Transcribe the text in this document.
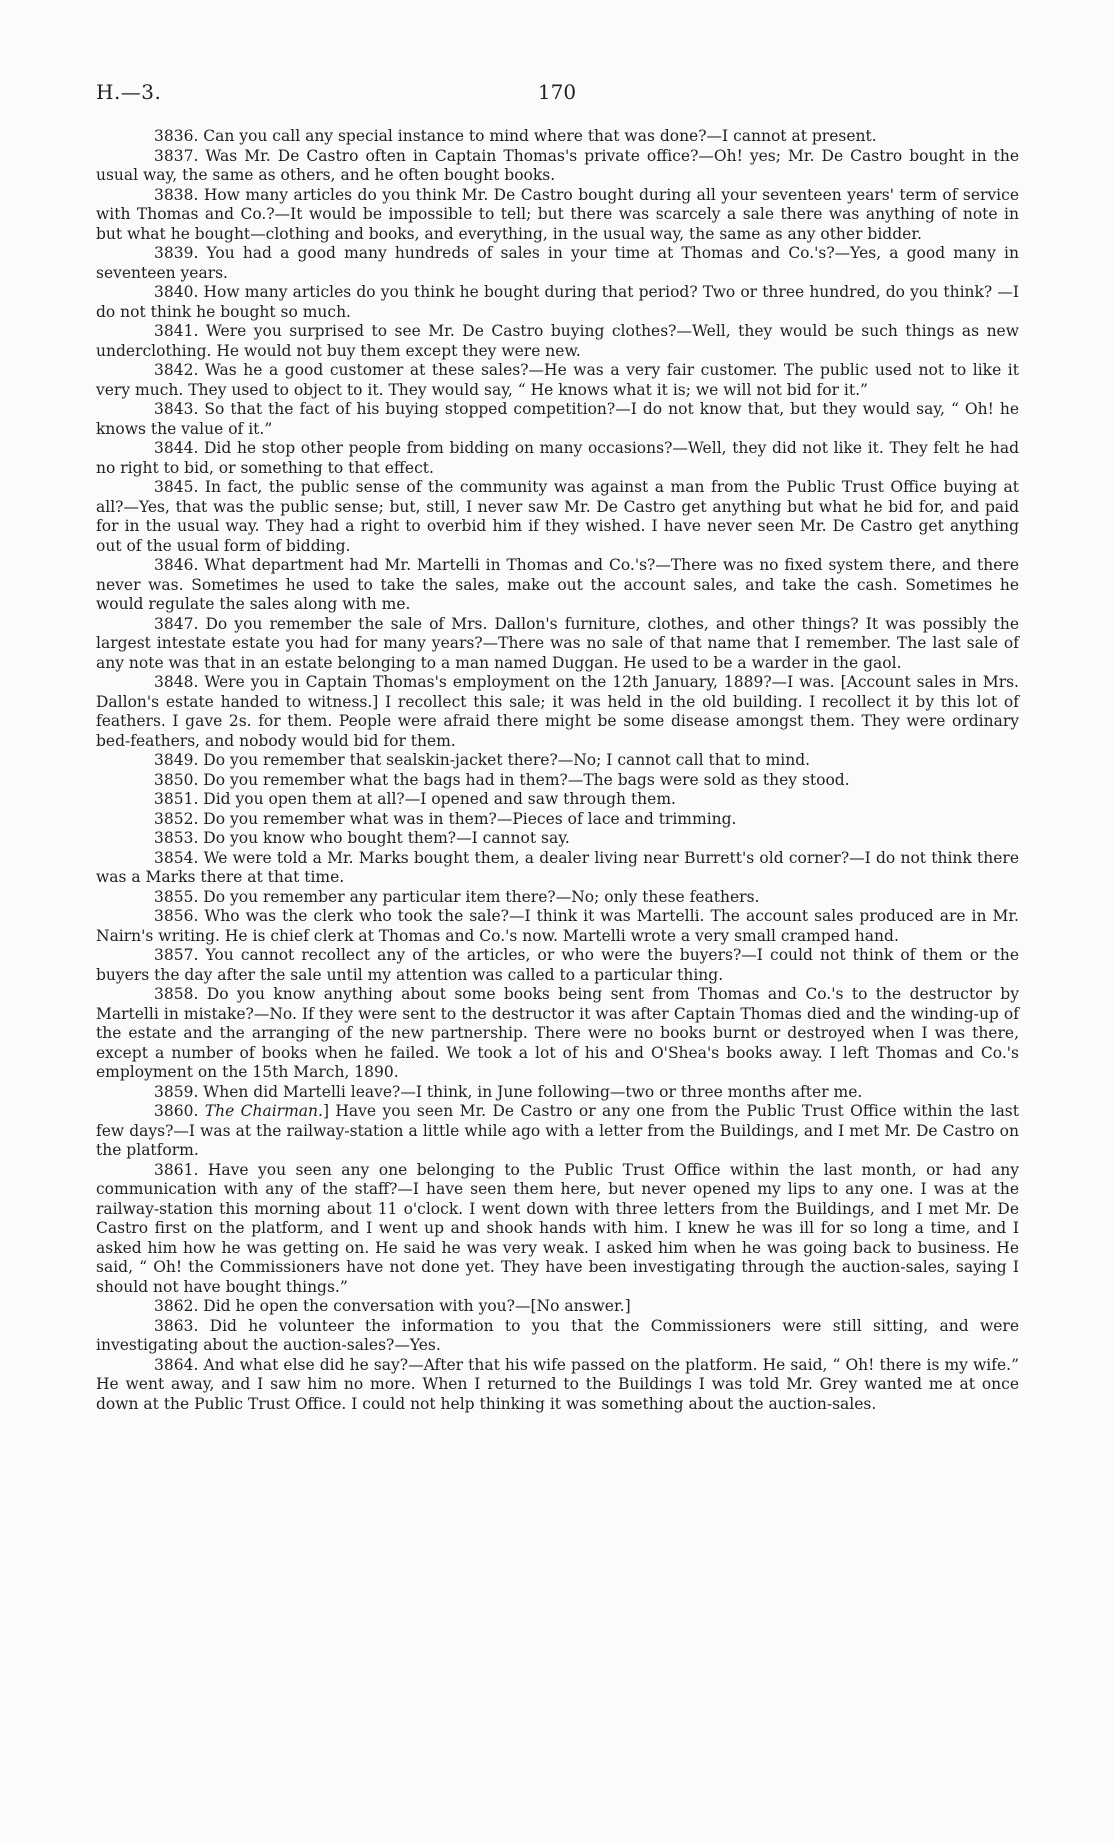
H.—3.	170

3836. Can you call any special instance to mind where that was done?—I cannot at present.

3837. Was Mr. De Castro often in Captain Thomas's private office?—Oh! yes; Mr. De Castro bought in the usual way, the same as others, and he often bought books.

3838. How many articles do you think Mr. De Castro bought during all your seventeen years' term of service with Thomas and Co.?—It would be impossible to tell; but there was scarcely a sale there was anything of note in but what he bought—clothing and books, and everything, in the usual way, the same as any other bidder.

3839. You had a good many hundreds of sales in your time at Thomas and Co.'s?—Yes, a good many in seventeen years.

3840. How many articles do you think he bought during that period? Two or three hundred, do you think? —I do not think he bought so much.

3841. Were you surprised to see Mr. De Castro buying clothes?—Well, they would be such things as new underclothing. He would not buy them except they were new.

3842. Was he a good customer at these sales?—He was a very fair customer. The public used not to like it very much. They used to object to it. They would say, “ He knows what it is; we will not bid for it.”

3843. So that the fact of his buying stopped competition?—I do not know that, but they would say, “ Oh! he knows the value of it.”

3844. Did he stop other people from bidding on many occasions?—Well, they did not like it. They felt he had no right to bid, or something to that effect.

3845. In fact, the public sense of the community was against a man from the Public Trust Office buying at all?—Yes, that was the public sense; but, still, I never saw Mr. De Castro get anything but what he bid for, and paid for in the usual way. They had a right to overbid him if they wished. I have never seen Mr. De Castro get anything out of the usual form of bidding.

3846. What department had Mr. Martelli in Thomas and Co.'s?—There was no fixed system there, and there never was. Sometimes he used to take the sales, make out the account sales, and take the cash. Sometimes he would regulate the sales along with me.

3847. Do you remember the sale of Mrs. Dallon's furniture, clothes, and other things? It was possibly the largest intestate estate you had for many years?—There was no sale of that name that I remember. The last sale of any note was that in an estate belonging to a man named Duggan. He used to be a warder in the gaol.

3848. Were you in Captain Thomas's employment on the 12th January, 1889?—I was. [Account sales in Mrs. Dallon's estate handed to witness.] I recollect this sale; it was held in the old building. I recollect it by this lot of feathers. I gave 2s. for them. People were afraid there might be some disease amongst them. They were ordinary bed-feathers, and nobody would bid for them.

3849. Do you remember that sealskin-jacket there?—No; I cannot call that to mind.

3850. Do you remember what the bags had in them?—The bags were sold as they stood.

3851. Did you open them at all?—I opened and saw through them.

3852. Do you remember what was in them?—Pieces of lace and trimming.

3853. Do you know who bought them?—I cannot say.

3854. We were told a Mr. Marks bought them, a dealer living near Burrett's old corner?—I do not think there was a Marks there at that time.

3855. Do you remember any particular item there?—No; only these feathers.

3856. Who was the clerk who took the sale?—I think it was Martelli. The account sales produced are in Mr. Nairn's writing. He is chief clerk at Thomas and Co.'s now. Martelli wrote a very small cramped hand.

3857. You cannot recollect any of the articles, or who were the buyers?—I could not think of them or the buyers the day after the sale until my attention was called to a particular thing.

3858. Do you know anything about some books being sent from Thomas and Co.'s to the destructor by Martelli in mistake?—No. If they were sent to the destructor it was after Captain Thomas died and the winding-up of the estate and the arranging of the new partnership. There were no books burnt or destroyed when I was there, except a number of books when he failed. We took a lot of his and O'Shea's books away. I left Thomas and Co.'s employment on the 15th March, 1890.

3859. When did Martelli leave?—I think, in June following—two or three months after me.

3860. The Chairman.] Have you seen Mr. De Castro or any one from the Public Trust Office within the last few days?—I was at the railway-station a little while ago with a letter from the Buildings, and I met Mr. De Castro on the platform.

3861. Have you seen any one belonging to the Public Trust Office within the last month, or had any communication with any of the staff?—I have seen them here, but never opened my lips to any one. I was at the railway-station this morning about 11 o'clock. I went down with three letters from the Buildings, and I met Mr. De Castro first on the platform, and I went up and shook hands with him. I knew he was ill for so long a time, and I asked him how he was getting on. He said he was very weak. I asked him when he was going back to business. He said, “ Oh! the Commissioners have not done yet. They have been investigating through the auction-sales, saying I should not have bought things.”

3862. Did he open the conversation with you?—[No answer.]

3863. Did he volunteer the information to you that the Commissioners were still sitting, and were investigating about the auction-sales?—Yes.

3864. And what else did he say?—After that his wife passed on the platform. He said, “ Oh! there is my wife.” He went away, and I saw him no more. When I returned to the Buildings I was told Mr. Grey wanted me at once down at the Public Trust Office. I could not help thinking it was something about the auction-sales.
